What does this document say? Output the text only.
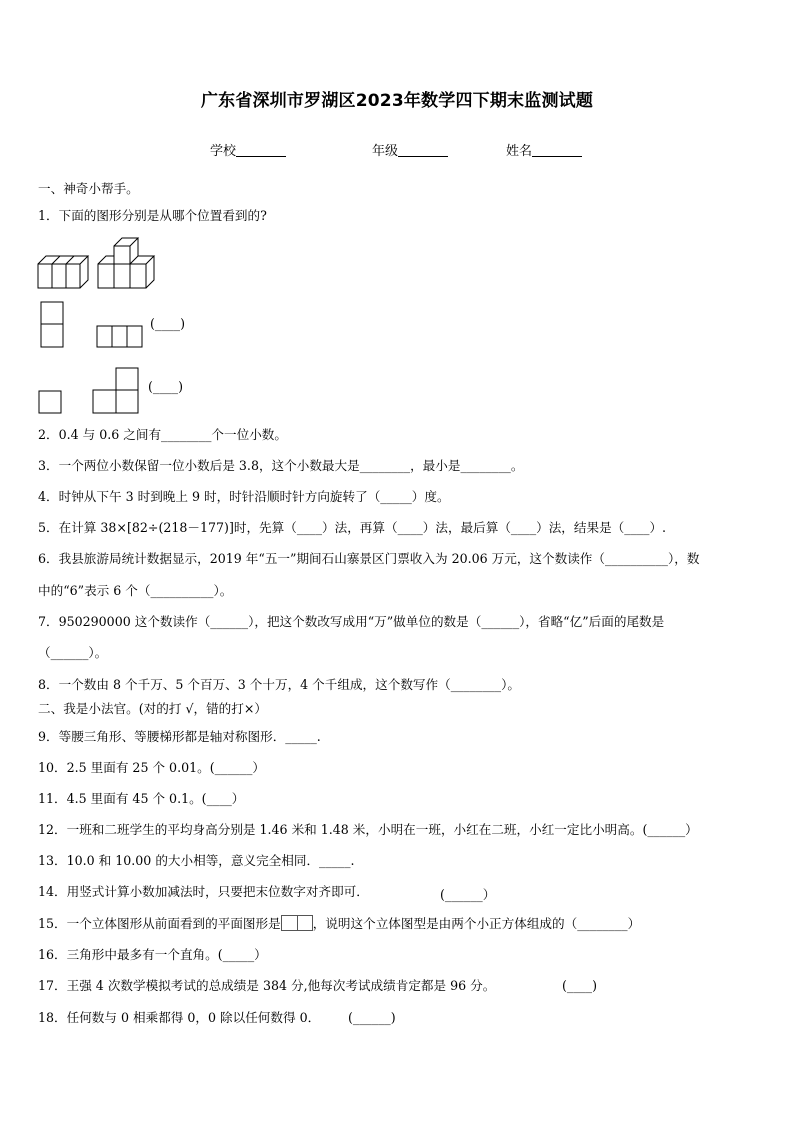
广东省深圳市罗湖区2023年数学四下期末监测试题
学校	年级	姓名
一、神奇小帮手。
1．下面的图形分别是从哪个位置看到的?
(____)
(____)
2．0.4 与 0.6 之间有________个一位小数。
3．一个两位小数保留一位小数后是 3.8，这个小数最大是________，最小是________。
4．时钟从下午 3 时到晚上 9 时，时针沿顺时针方向旋转了（_____）度。
5．在计算 38×[82÷(218－177)]时，先算（____）法，再算（____）法，最后算（____）法，结果是（____）.
6．我县旅游局统计数据显示，2019 年“五一”期间石山寨景区门票收入为 20.06 万元，这个数读作（__________），数
中的“6”表示 6 个（__________）。
7．950290000 这个数读作（______），把这个数改写成用“万”做单位的数是（______），省略“亿”后面的尾数是
（______）。
8．一个数由 8 个千万、5 个百万、3 个十万，4 个千组成，这个数写作（________）。
二、我是小法官。(对的打 √，错的打×）
9．等腰三角形、等腰梯形都是轴对称图形．_____.
10．2.5 里面有 25 个 0.01。(______）
11．4.5 里面有 45 个 0.1。(____）
12．一班和二班学生的平均身高分别是 1.46 米和 1.48 米，小明在一班，小红在二班，小红一定比小明高。(______）
13．10.0 和 10.00 的大小相等，意义完全相同．_____.
14．用竖式计算小数加减法时，只要把末位数字对齐即可．	(______）
15．一个立体图形从前面看到的平面图形是	，说明这个立体图型是由两个小正方体组成的（________）
16．三角形中最多有一个直角。(_____）
17．王强 4 次数学模拟考试的总成绩是 384 分,他每次考试成绩肯定都是 96 分。	(____)
18．任何数与 0 相乘都得 0，0 除以任何数得 0． (______)
